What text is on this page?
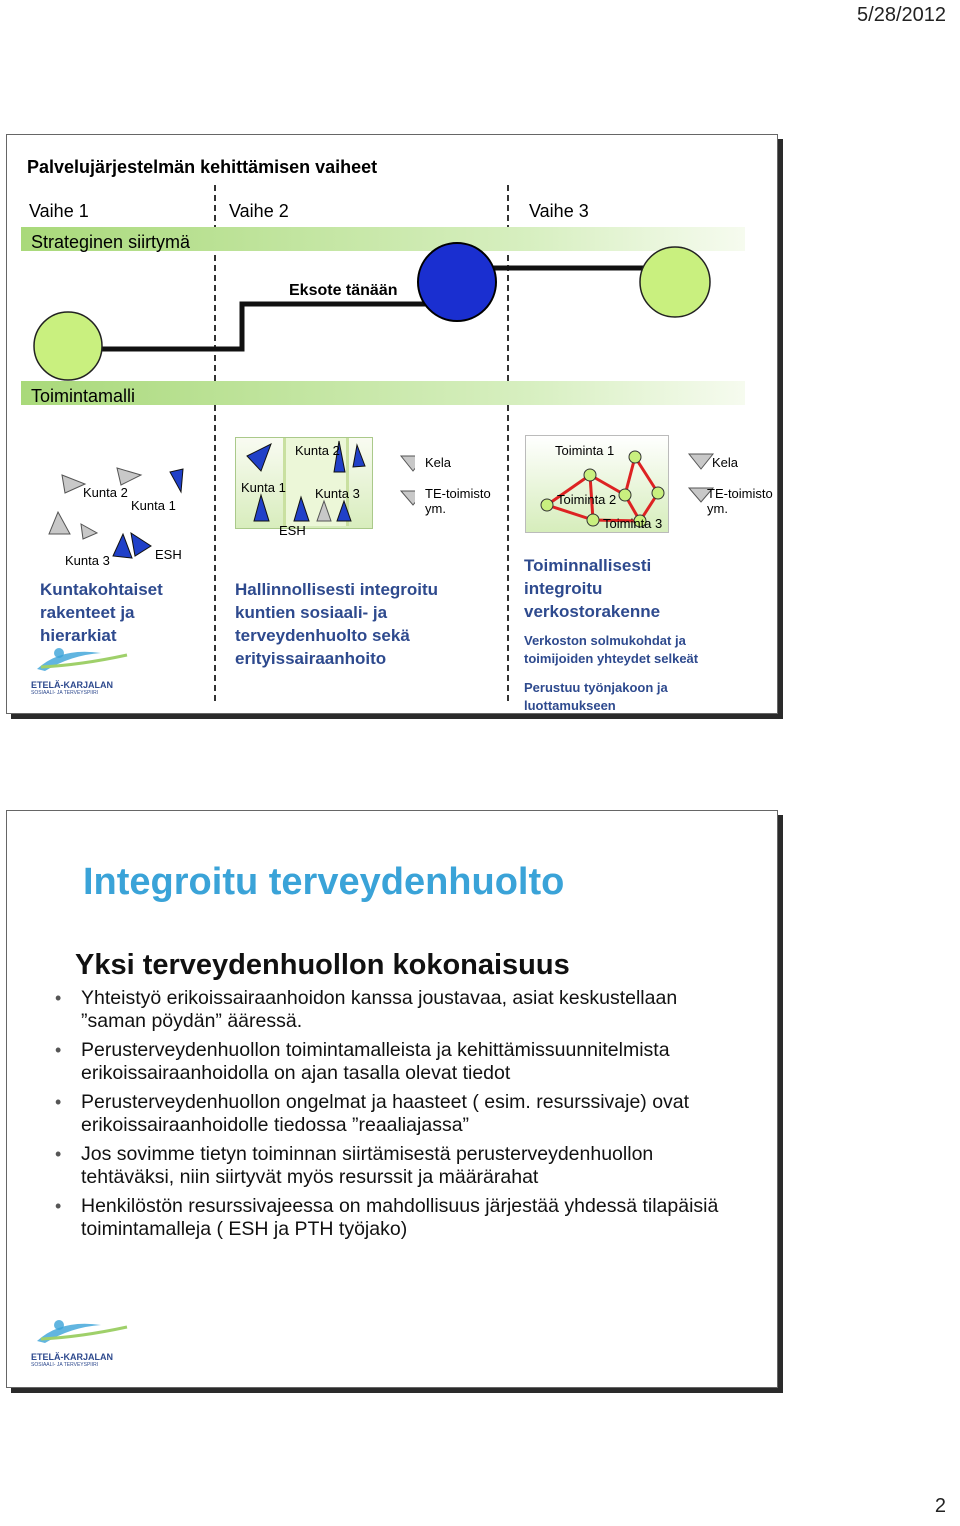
5/28/2012
Palvelujärjestelmän kehittämisen vaiheet
Vaihe 1	Vaihe 2	Vaihe 3
Strateginen siirtymä
Eksote tänään
Toimintamalli
Kunta 2
Kunta 1
Kunta 3	ESH
Kuntakohtaiset rakenteet ja hierarkiat
Kunta 2
Kunta 1 Kunta 3
ESH
Kela
TE-toimisto ym.
Hallinnollisesti integroitu kuntien sosiaali- ja terveydenhuolto sekä erityissairaanhoito
Toiminta 1
Toiminta 2
Toiminta 3
Kela
TE-toimisto ym.
Toiminnallisesti integroitu verkostorakenne
Verkoston solmukohdat ja toimijoiden yhteydet selkeät
Perustuu työnjakoon ja luottamukseen
ETELÄ-KARJALAN
SOSIAALI- JA TERVEYSPIIRI
Integroitu terveydenhuolto
Yksi terveydenhuollon kokonaisuus
• Yhteistyö erikoissairaanhoidon kanssa joustavaa, asiat keskustellaan ”saman pöydän” ääressä.
• Perusterveydenhuollon toimintamalleista ja kehittämissuunnitelmista erikoissairaanhoidolla on ajan tasalla olevat tiedot
• Perusterveydenhuollon ongelmat ja haasteet ( esim. resurssivaje) ovat erikoissairaanhoidolle tiedossa ”reaaliajassa”
• Jos sovimme tietyn toiminnan siirtämisestä perusterveydenhuollon tehtäväksi, niin siirtyvät myös resurssit ja määrärahat
• Henkilöstön resurssivajeessa on mahdollisuus järjestää yhdessä tilapäisiä toimintamalleja ( ESH ja PTH työjako)
ETELÄ-KARJALAN
SOSIAALI- JA TERVEYSPIIRI
2
